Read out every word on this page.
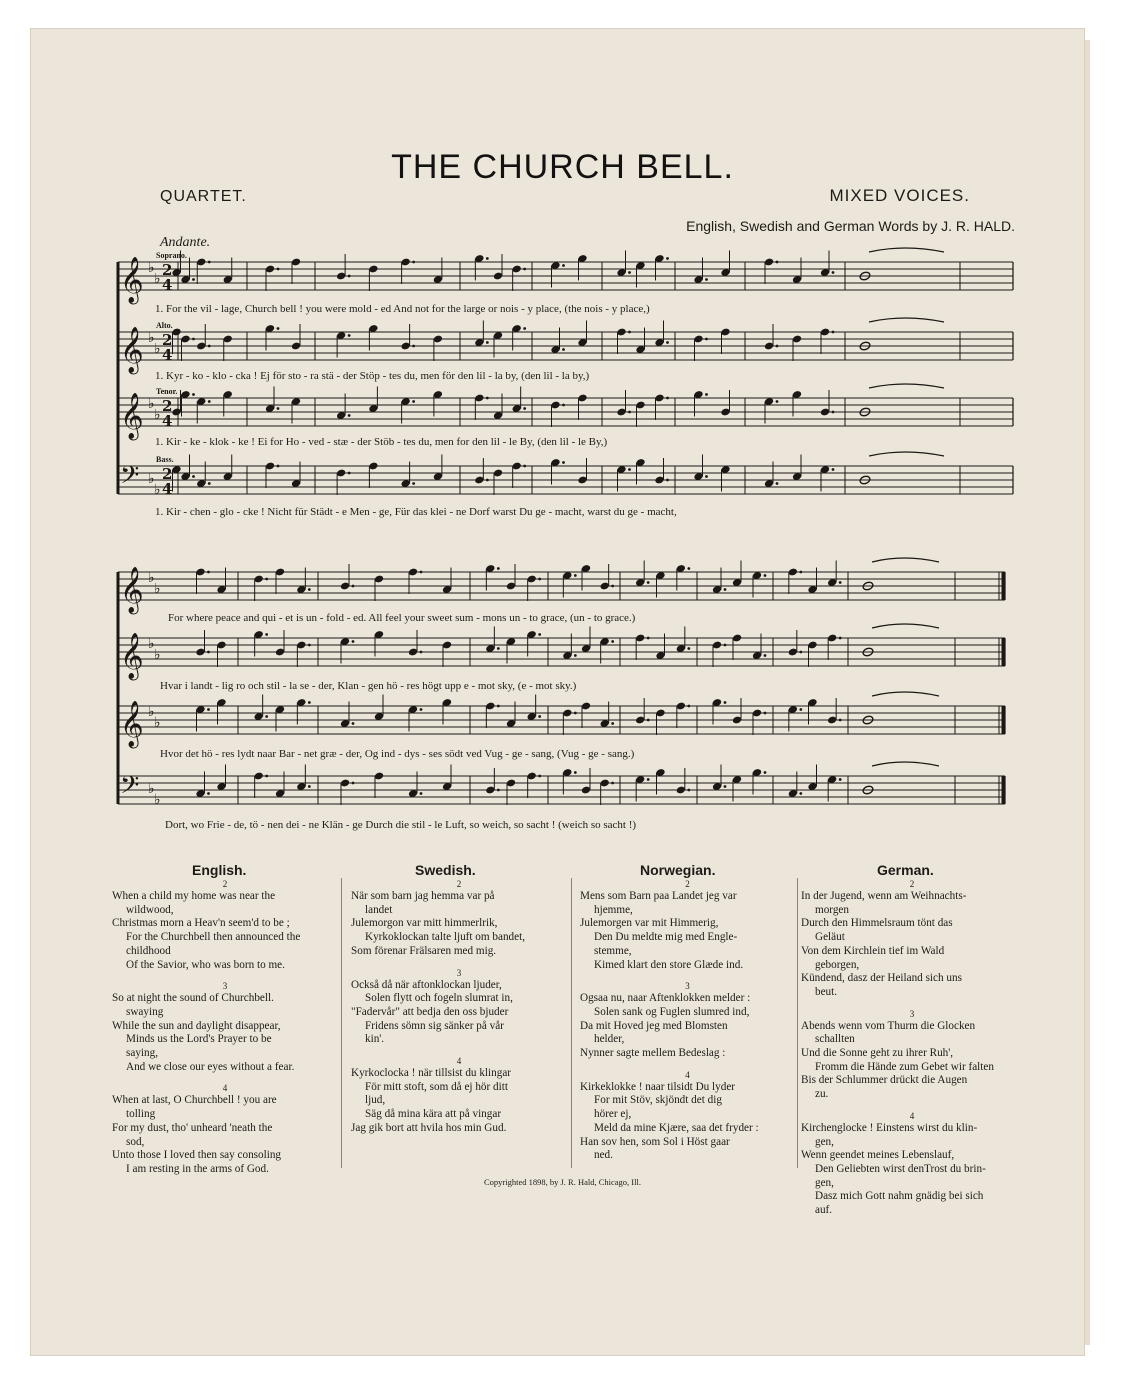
THE CHURCH BELL.
QUARTET.	MIXED VOICES.
English, Swedish and German Words by J. R. HALD.
Andante.
𝄞 ♭
♭ 2
4
Soprano.
𝄞 ♭
♭ 2
4
Alto.
𝄞 ♭
♭ 2
4
Tenor.
𝄢 ♭
♭
2
4
Bass.
𝄞 ♭
♭
𝄞 ♭
♭
𝄞 ♭
♭
𝄢 ♭
♭
1. For the vil - lage, Church bell ! you were mold - ed And not for the large or nois - y place, (the nois - y place,)
1. Kyr - ko - klo - cka ! Ej för sto - ra stä - der Stöp - tes du, men för den lil - la by, (den lil - la by,)
1. Kir - ke - klok - ke ! Ei for Ho - ved - stæ - der Stöb - tes du, men for den lil - le By, (den lil - le By,)
1. Kir - chen - glo - cke ! Nicht für Städt - e Men - ge, Für das klei - ne Dorf warst Du ge - macht, warst du ge - macht,
For where peace and qui - et is un - fold - ed. All feel your sweet sum - mons un - to grace, (un - to grace.)
Hvar i landt - lig ro och stil - la se - der, Klan - gen hö - res högt upp e - mot sky, (e - mot sky.)
Hvor det hö - res lydt naar Bar - net græ - der, Og ind - dys - ses södt ved Vug - ge - sang, (Vug - ge - sang.)
Dort, wo Frie - de, tö - nen dei - ne Klän - ge Durch die stil - le Luft, so weich, so sacht ! (weich so sacht !)
English.	Swedish.	Norwegian.	German.
2
When a child my home was near the
wildwood,
Christmas morn a Heav'n seem'd to be ;
For the Churchbell then announced the
childhood
Of the Savior, who was born to me.
3
So at night the sound of Churchbell.
swaying
While the sun and daylight disappear,
Minds us the Lord's Prayer to be
saying,
And we close our eyes without a fear.
4
When at last, O Churchbell ! you are
tolling
For my dust, tho' unheard 'neath the
sod,
Unto those I loved then say consoling
I am resting in the arms of God.
2
När som barn jag hemma var på
landet
Julemorgon var mitt himmerlrik,
Kyrkoklockan talte ljuft om bandet,
Som förenar Frälsaren med mig.
3
Också då när aftonklockan ljuder,
Solen flytt och fogeln slumrat in,
"Fadervår" att bedja den oss bjuder
Fridens sömn sig sänker på vår
kin'.
4
Kyrkoclocka ! när tillsist du klingar
För mitt stoft, som då ej hör ditt
ljud,
Säg då mina kära att på vingar
Jag gik bort att hvila hos min Gud.
2
Mens som Barn paa Landet jeg var
hjemme,
Julemorgen var mit Himmerig,
Den Du meldte mig med Engle-
stemme,
Kimed klart den store Glæde ind.
3
Ogsaa nu, naar Aftenklokken melder :
Solen sank og Fuglen slumred ind,
Da mit Hoved jeg med Blomsten
helder,
Nynner sagte mellem Bedeslag :
4
Kirkeklokke ! naar tilsidt Du lyder
For mit Stöv, skjöndt det dig
hörer ej,
Meld da mine Kjære, saa det fryder :
Han sov hen, som Sol i Höst gaar
ned.
2
In der Jugend, wenn am Weihnachts-
morgen
Durch den Himmelsraum tönt das
Geläut
Von dem Kirchlein tief im Wald
geborgen,
Kündend, dasz der Heiland sich uns
beut.
3
Abends wenn vom Thurm die Glocken
schallten
Und die Sonne geht zu ihrer Ruh',
Fromm die Hände zum Gebet wir falten
Bis der Schlummer drückt die Augen
zu.
4
Kirchenglocke ! Einstens wirst du klin-
gen,
Wenn geendet meines Lebenslauf,
Den Geliebten wirst denTrost du brin-
gen,
Dasz mich Gott nahm gnädig bei sich
auf.
Copyrighted 1898, by J. R. Hald, Chicago, Ill.
